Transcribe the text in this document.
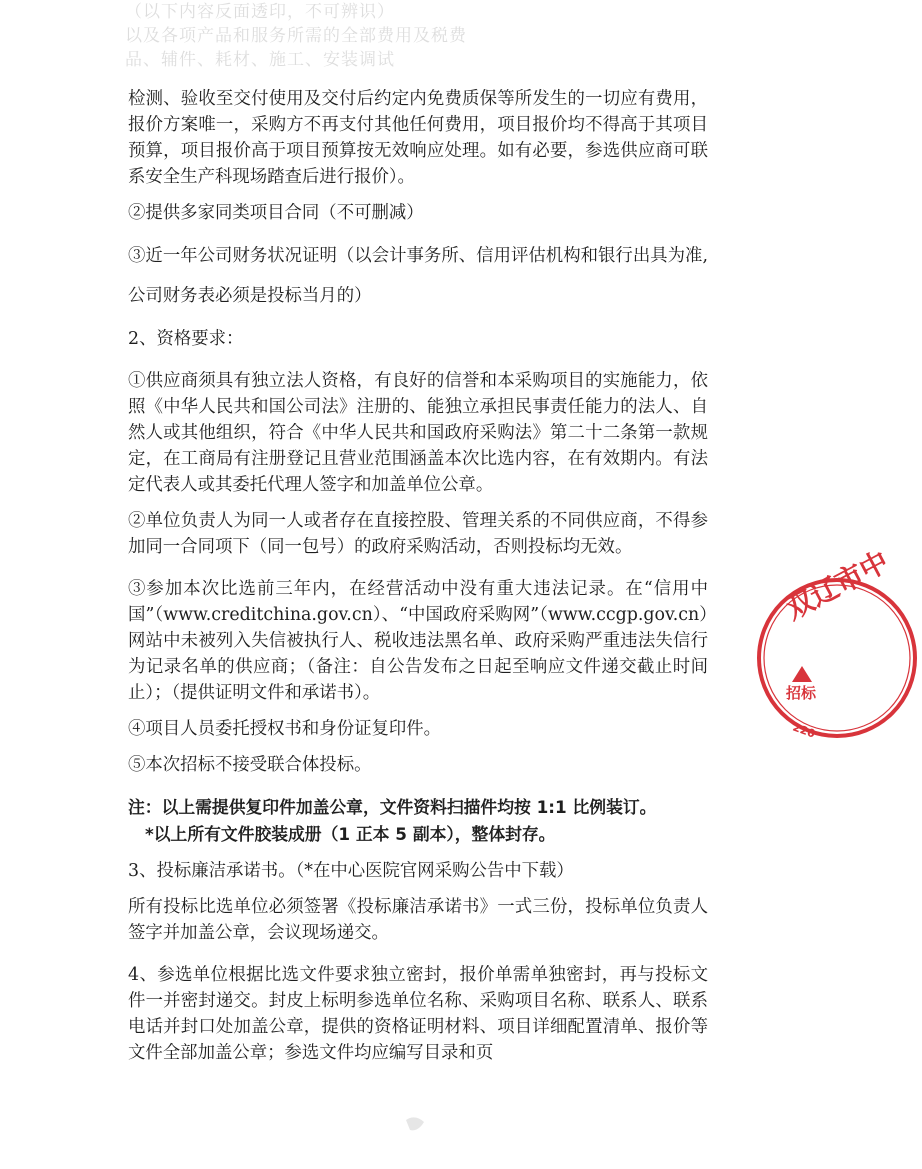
（以下内容反面透印，不可辨识）
以及各项产品和服务所需的全部费用及税费
品、辅件、耗材、施工、安装调试

检测、验收至交付使用及交付后约定内免费质保等所发生的一切应有费用，报价方案唯一，采购方不再支付其他任何费用，项目报价均不得高于其项目预算，项目报价高于项目预算按无效响应处理。如有必要，参选供应商可联系安全生产科现场踏查后进行报价）。

②提供多家同类项目合同（不可删减）

③近一年公司财务状况证明（以会计事务所、信用评估机构和银行出具为准,公司财务表必须是投标当月的）

2、资格要求：

①供应商须具有独立法人资格，有良好的信誉和本采购项目的实施能力，依照《中华人民共和国公司法》注册的、能独立承担民事责任能力的法人、自然人或其他组织，符合《中华人民共和国政府采购法》第二十二条第一款规定，在工商局有注册登记且营业范围涵盖本次比选内容，在有效期内。有法定代表人或其委托代理人签字和加盖单位公章。

②单位负责人为同一人或者存在直接控股、管理关系的不同供应商，不得参加同一合同项下（同一包号）的政府采购活动，否则投标均无效。

③参加本次比选前三年内，在经营活动中没有重大违法记录。在“信用中国”（www.creditchina.gov.cn）、“中国政府采购网”（www.ccgp.gov.cn）网站中未被列入失信被执行人、税收违法黑名单、政府采购严重违法失信行为记录名单的供应商；（备注：自公告发布之日起至响应文件递交截止时间止）；（提供证明文件和承诺书）。

④项目人员委托授权书和身份证复印件。

⑤本次招标不接受联合体投标。

注：以上需提供复印件加盖公章，文件资料扫描件均按 1:1 比例装订。

*以上所有文件胶装成册（1 正本 5 副本），整体封存。

3、投标廉洁承诺书。（*在中心医院官网采购公告中下载）

所有投标比选单位必须签署《投标廉洁承诺书》一式三份，投标单位负责人签字并加盖公章，会议现场递交。

4、参选单位根据比选文件要求独立密封，报价单需单独密封，再与投标文件一并密封递交。封皮上标明参选单位名称、采购项目名称、联系人、联系电话并封口处加盖公章，提供的资格证明材料、项目详细配置清单、报价等文件全部加盖公章；参选文件均应编写目录和页

双辽市中
招标
220
